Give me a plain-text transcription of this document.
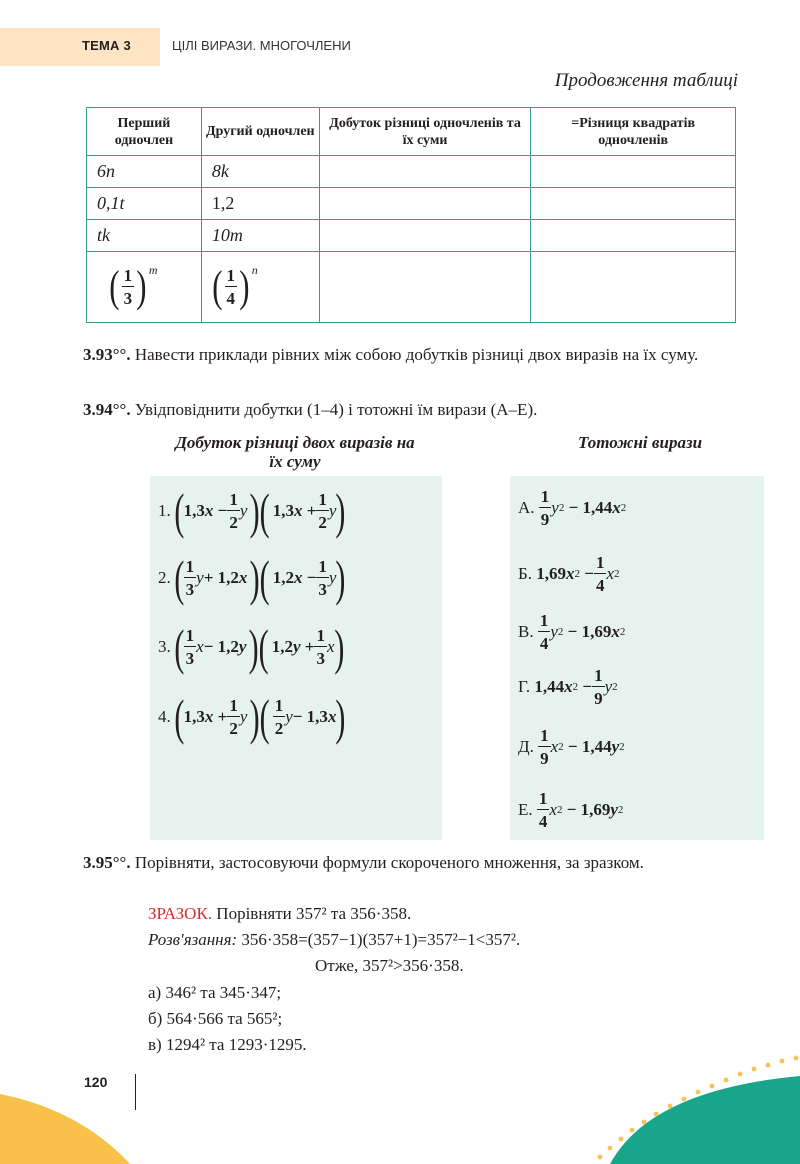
ТЕМА 3	ЦІЛІ ВИРАЗИ. МНОГОЧЛЕНИ
Продовження таблиці
Перший одночлен	Другий одночлен	Добуток різниці одночленів та їх суми	=Різниця квадратів одночленів
6n	8k		
0,1t	1,2		
tk	10m		

( $\frac{1}{3} )^m$	( $\frac{1}{4} )^n$

3.93°°. Навести приклади рівних між собою добутків різниці двох виразів на їх суму.
3.94°°. Увідповіднити добутки (1–4) і тотожні їм вирази (А–Е).
Добуток різниці двох виразів на їх суму
Тотожні вирази
1.
( $1,3x - \frac{1}{2}$ y )( $1,3x + \frac{1}{2}$ y )
2.
( $\frac{1}{3}$ y + 1,2x )( $1,2x - \frac{1}{3}$ y )
3.
( $\frac{1}{3}$ x − 1,2y )( $1,2y + \frac{1}{3}$ x )
4.
( $1,3x + \frac{1}{2}$ y )( $\frac{1}{2}$ y − 1,3x )
А.
$\frac{1}{9}$ y 2 − 1,44x 2
Б.
1,69x $2 - \frac{1}{4}$ x 2
В.
$\frac{1}{4}$ y 2 − 1,69x 2
Г.
1,44x $2 - \frac{1}{9}$ y 2
Д.
$\frac{1}{9}$ x 2 − 1,44y 2
Е.
$\frac{1}{4}$ x 2 − 1,69y 2
3.95°°. Порівняти, застосовуючи формули скороченого множення, за зразком.
ЗРАЗОК. Порівняти 357² та 356·358.
Розв'язання: 356·358=(357−1)(357+1)=357²−1<357².
Отже, 357²>356·358.
а) 346² та 345·347;
б) 564·566 та 565²;
в) 1294² та 1293·1295.
120
